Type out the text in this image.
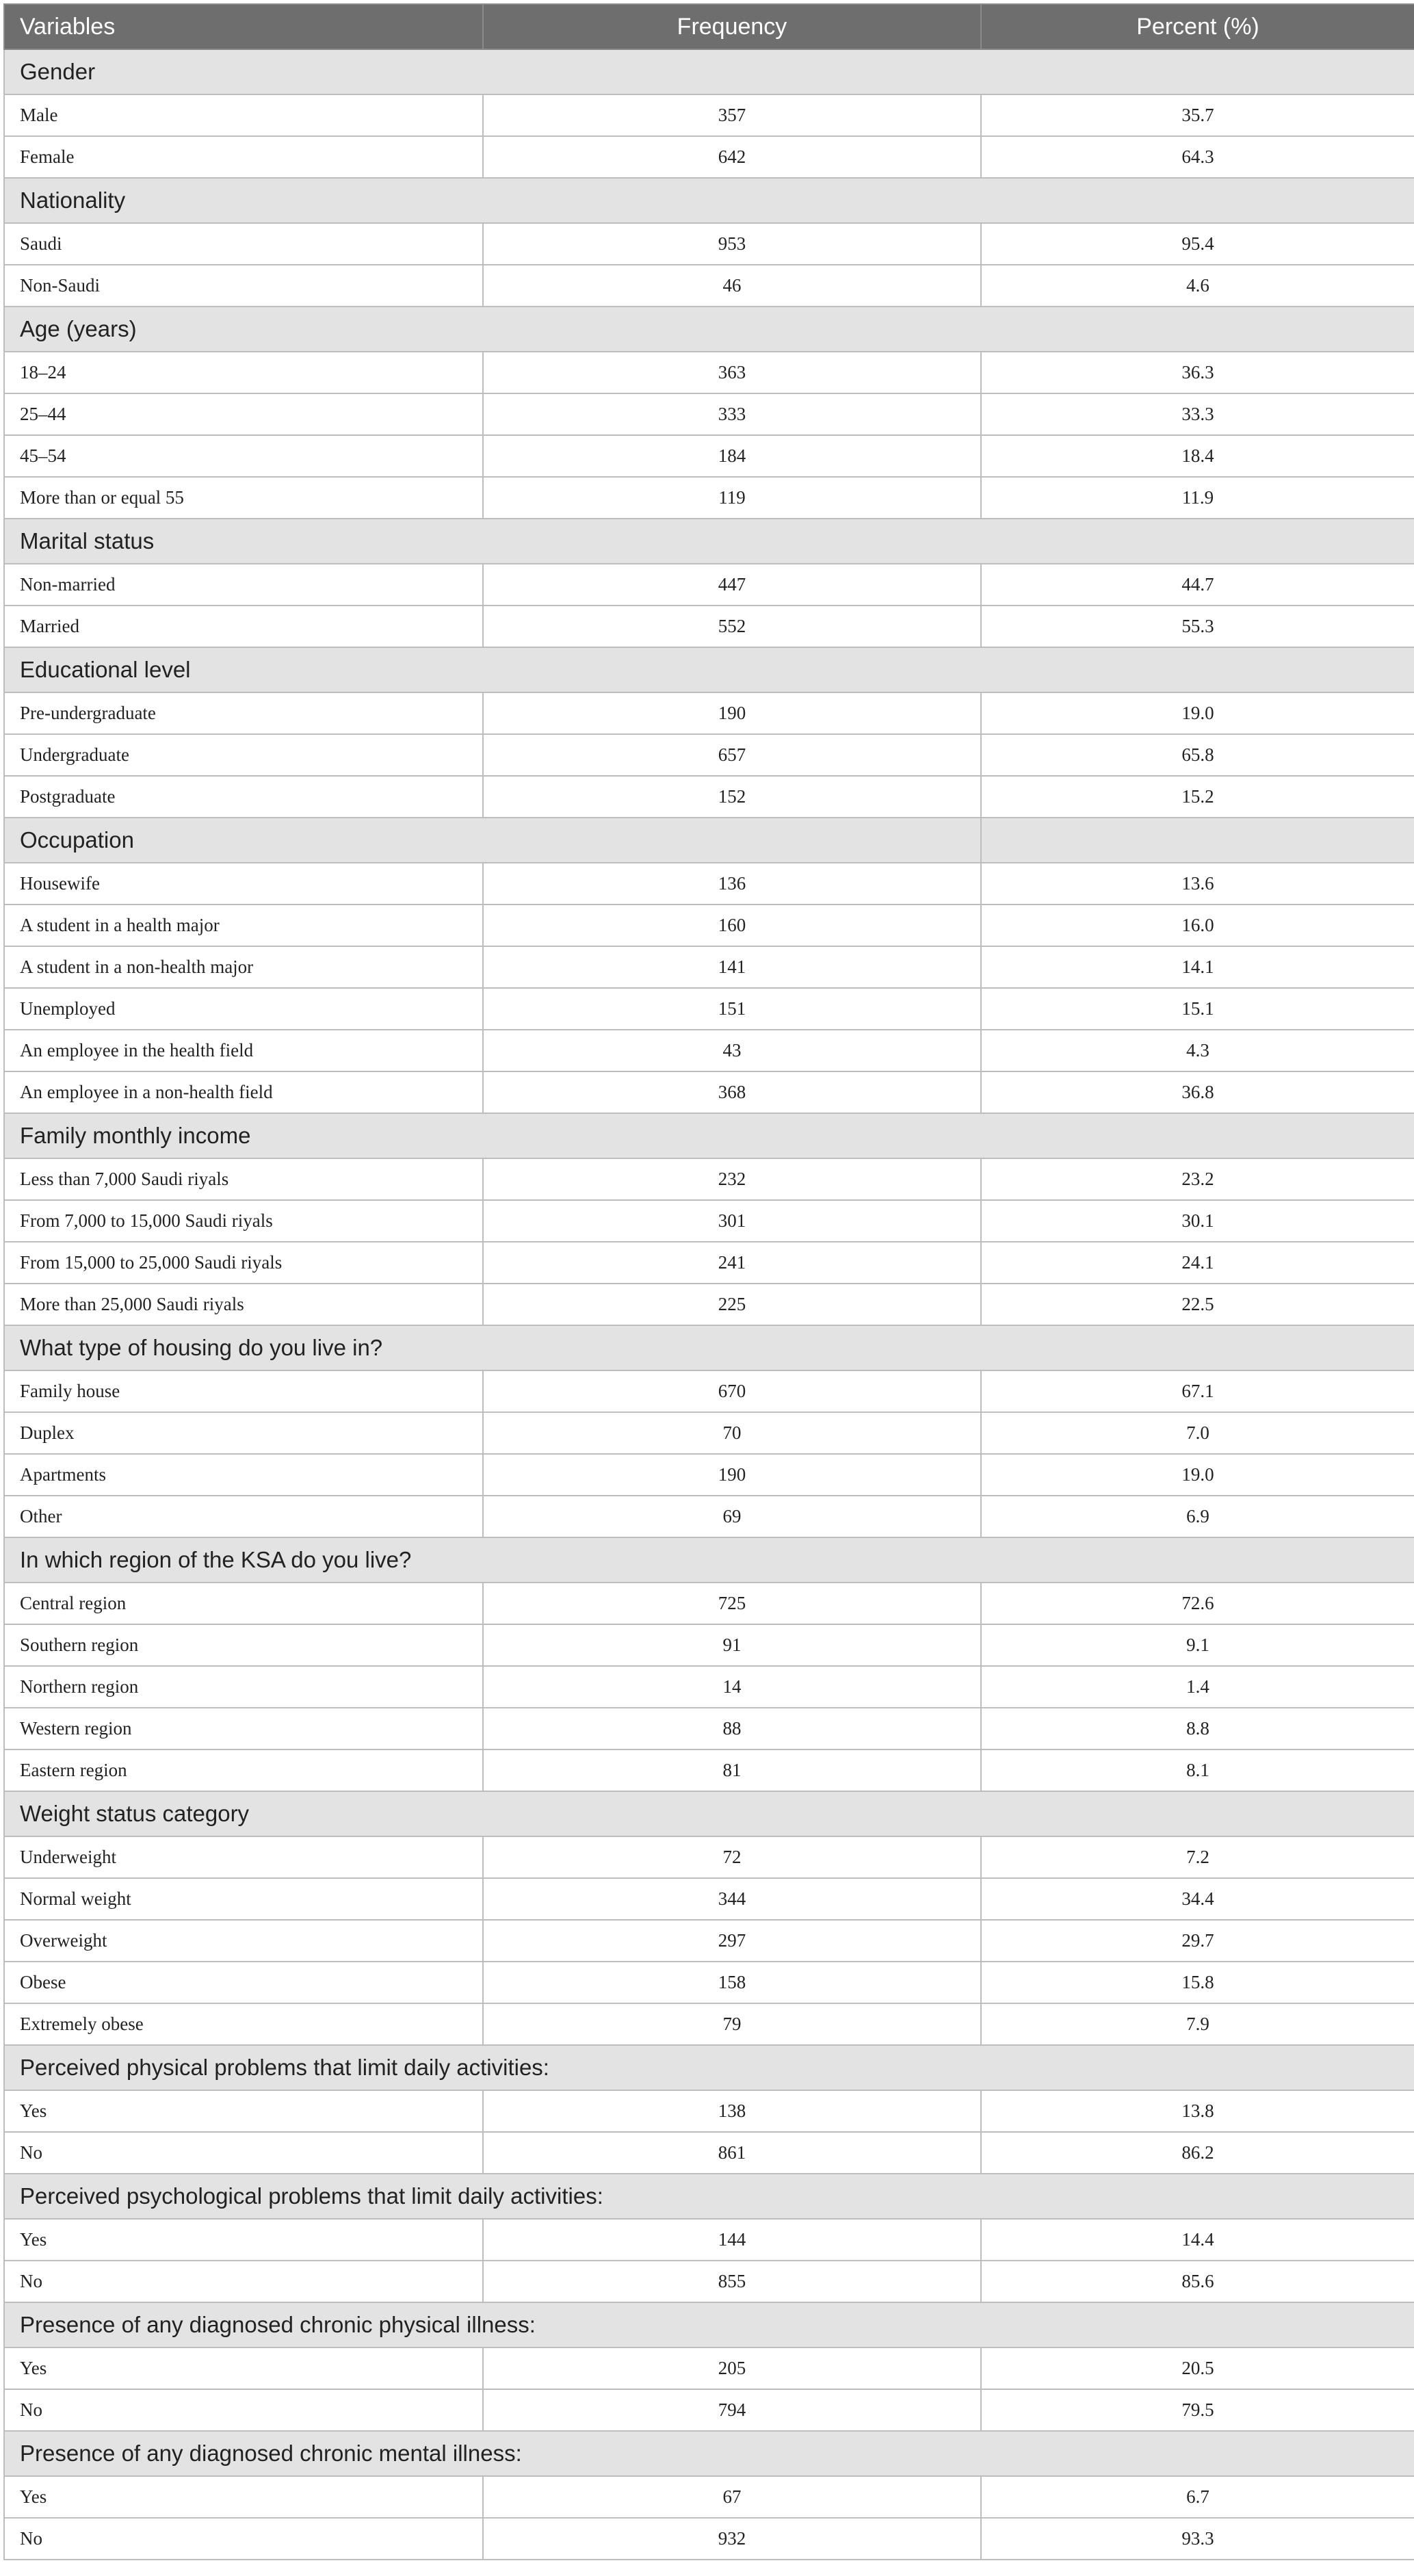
Variables	Frequency	Percent (%)
Gender		
Male	357	35.7
Female	642	64.3
Nationality		
Saudi	953	95.4
Non-Saudi	46	4.6
Age (years)		
18–24	363	36.3
25–44	333	33.3
45–54	184	18.4
More than or equal 55	119	11.9
Marital status		
Non-married	447	44.7
Married	552	55.3
Educational level		
Pre-undergraduate	190	19.0
Undergraduate	657	65.8
Postgraduate	152	15.2
Occupation		
Housewife	136	13.6
A student in a health major	160	16.0
A student in a non-health major	141	14.1
Unemployed	151	15.1
An employee in the health field	43	4.3
An employee in a non-health field	368	36.8
Family monthly income		
Less than 7,000 Saudi riyals	232	23.2
From 7,000 to 15,000 Saudi riyals	301	30.1
From 15,000 to 25,000 Saudi riyals	241	24.1
More than 25,000 Saudi riyals	225	22.5
What type of housing do you live in?		
Family house	670	67.1
Duplex	70	7.0
Apartments	190	19.0
Other	69	6.9
In which region of the KSA do you live?		
Central region	725	72.6
Southern region	91	9.1
Northern region	14	1.4
Western region	88	8.8
Eastern region	81	8.1
Weight status category		
Underweight	72	7.2
Normal weight	344	34.4
Overweight	297	29.7
Obese	158	15.8
Extremely obese	79	7.9
Perceived physical problems that limit daily activities:		
Yes	138	13.8
No	861	86.2
Perceived psychological problems that limit daily activities:		
Yes	144	14.4
No	855	85.6
Presence of any diagnosed chronic physical illness:		
Yes	205	20.5
No	794	79.5
Presence of any diagnosed chronic mental illness:		
Yes	67	6.7
No	932	93.3
